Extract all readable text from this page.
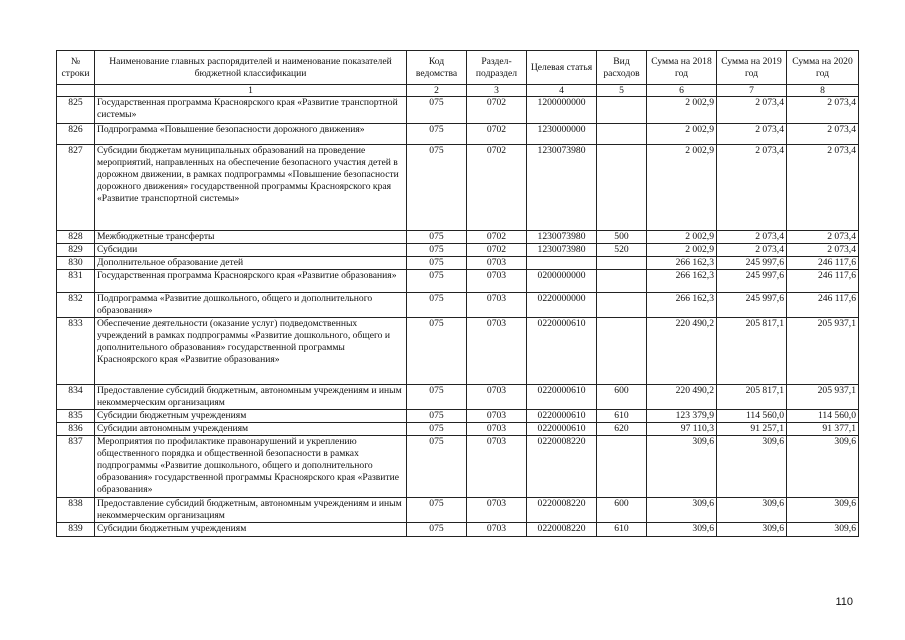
№ строки	Наименование главных распорядителей и наименование показателей бюджетной классификации	Код ведомства	Раздел-подраздел	Целевая статья	Вид расходов	Сумма на 2018 год	Сумма на 2019 год	Сумма на 2020 год
	1	2	3	4	5	6	7	8
825	Государственная программа Красноярского края «Развитие транспортной системы»	075	0702	1200000000		2 002,9	2 073,4	2 073,4
826	Подпрограмма «Повышение безопасности дорожного движения»	075	0702	1230000000		2 002,9	2 073,4	2 073,4
827	Субсидии бюджетам муниципальных образований на проведение мероприятий, направленных на обеспечение безопасного участия детей в дорожном движении, в рамках подпрограммы «Повышение безопасности дорожного движения» государственной программы Красноярского края «Развитие транспортной системы»	075	0702	1230073980		2 002,9	2 073,4	2 073,4
828	Межбюджетные трансферты	075	0702	1230073980	500	2 002,9	2 073,4	2 073,4
829	Субсидии	075	0702	1230073980	520	2 002,9	2 073,4	2 073,4
830	Дополнительное образование детей	075	0703			266 162,3	245 997,6	246 117,6
831	Государственная программа Красноярского края «Развитие образования»	075	0703	0200000000		266 162,3	245 997,6	246 117,6
832	Подпрограмма «Развитие дошкольного, общего и дополнительного образования»	075	0703	0220000000		266 162,3	245 997,6	246 117,6
833	Обеспечение деятельности (оказание услуг) подведомственных учреждений в рамках подпрограммы «Развитие дошкольного, общего и дополнительного образования» государственной программы Красноярского края «Развитие образования»	075	0703	0220000610		220 490,2	205 817,1	205 937,1
834	Предоставление субсидий бюджетным, автономным учреждениям и иным некоммерческим организациям	075	0703	0220000610	600	220 490,2	205 817,1	205 937,1
835	Субсидии бюджетным учреждениям	075	0703	0220000610	610	123 379,9	114 560,0	114 560,0
836	Субсидии автономным учреждениям	075	0703	0220000610	620	97 110,3	91 257,1	91 377,1
837	Мероприятия по профилактике правонарушений и укреплению общественного порядка и общественной безопасности в рамках подпрограммы «Развитие дошкольного, общего и дополнительного образования» государственной программы Красноярского края «Развитие образования»	075	0703	0220008220		309,6	309,6	309,6
838	Предоставление субсидий бюджетным, автономным учреждениям и иным некоммерческим организациям	075	0703	0220008220	600	309,6	309,6	309,6
839	Субсидии бюджетным учреждениям	075	0703	0220008220	610	309,6	309,6	309,6
110
